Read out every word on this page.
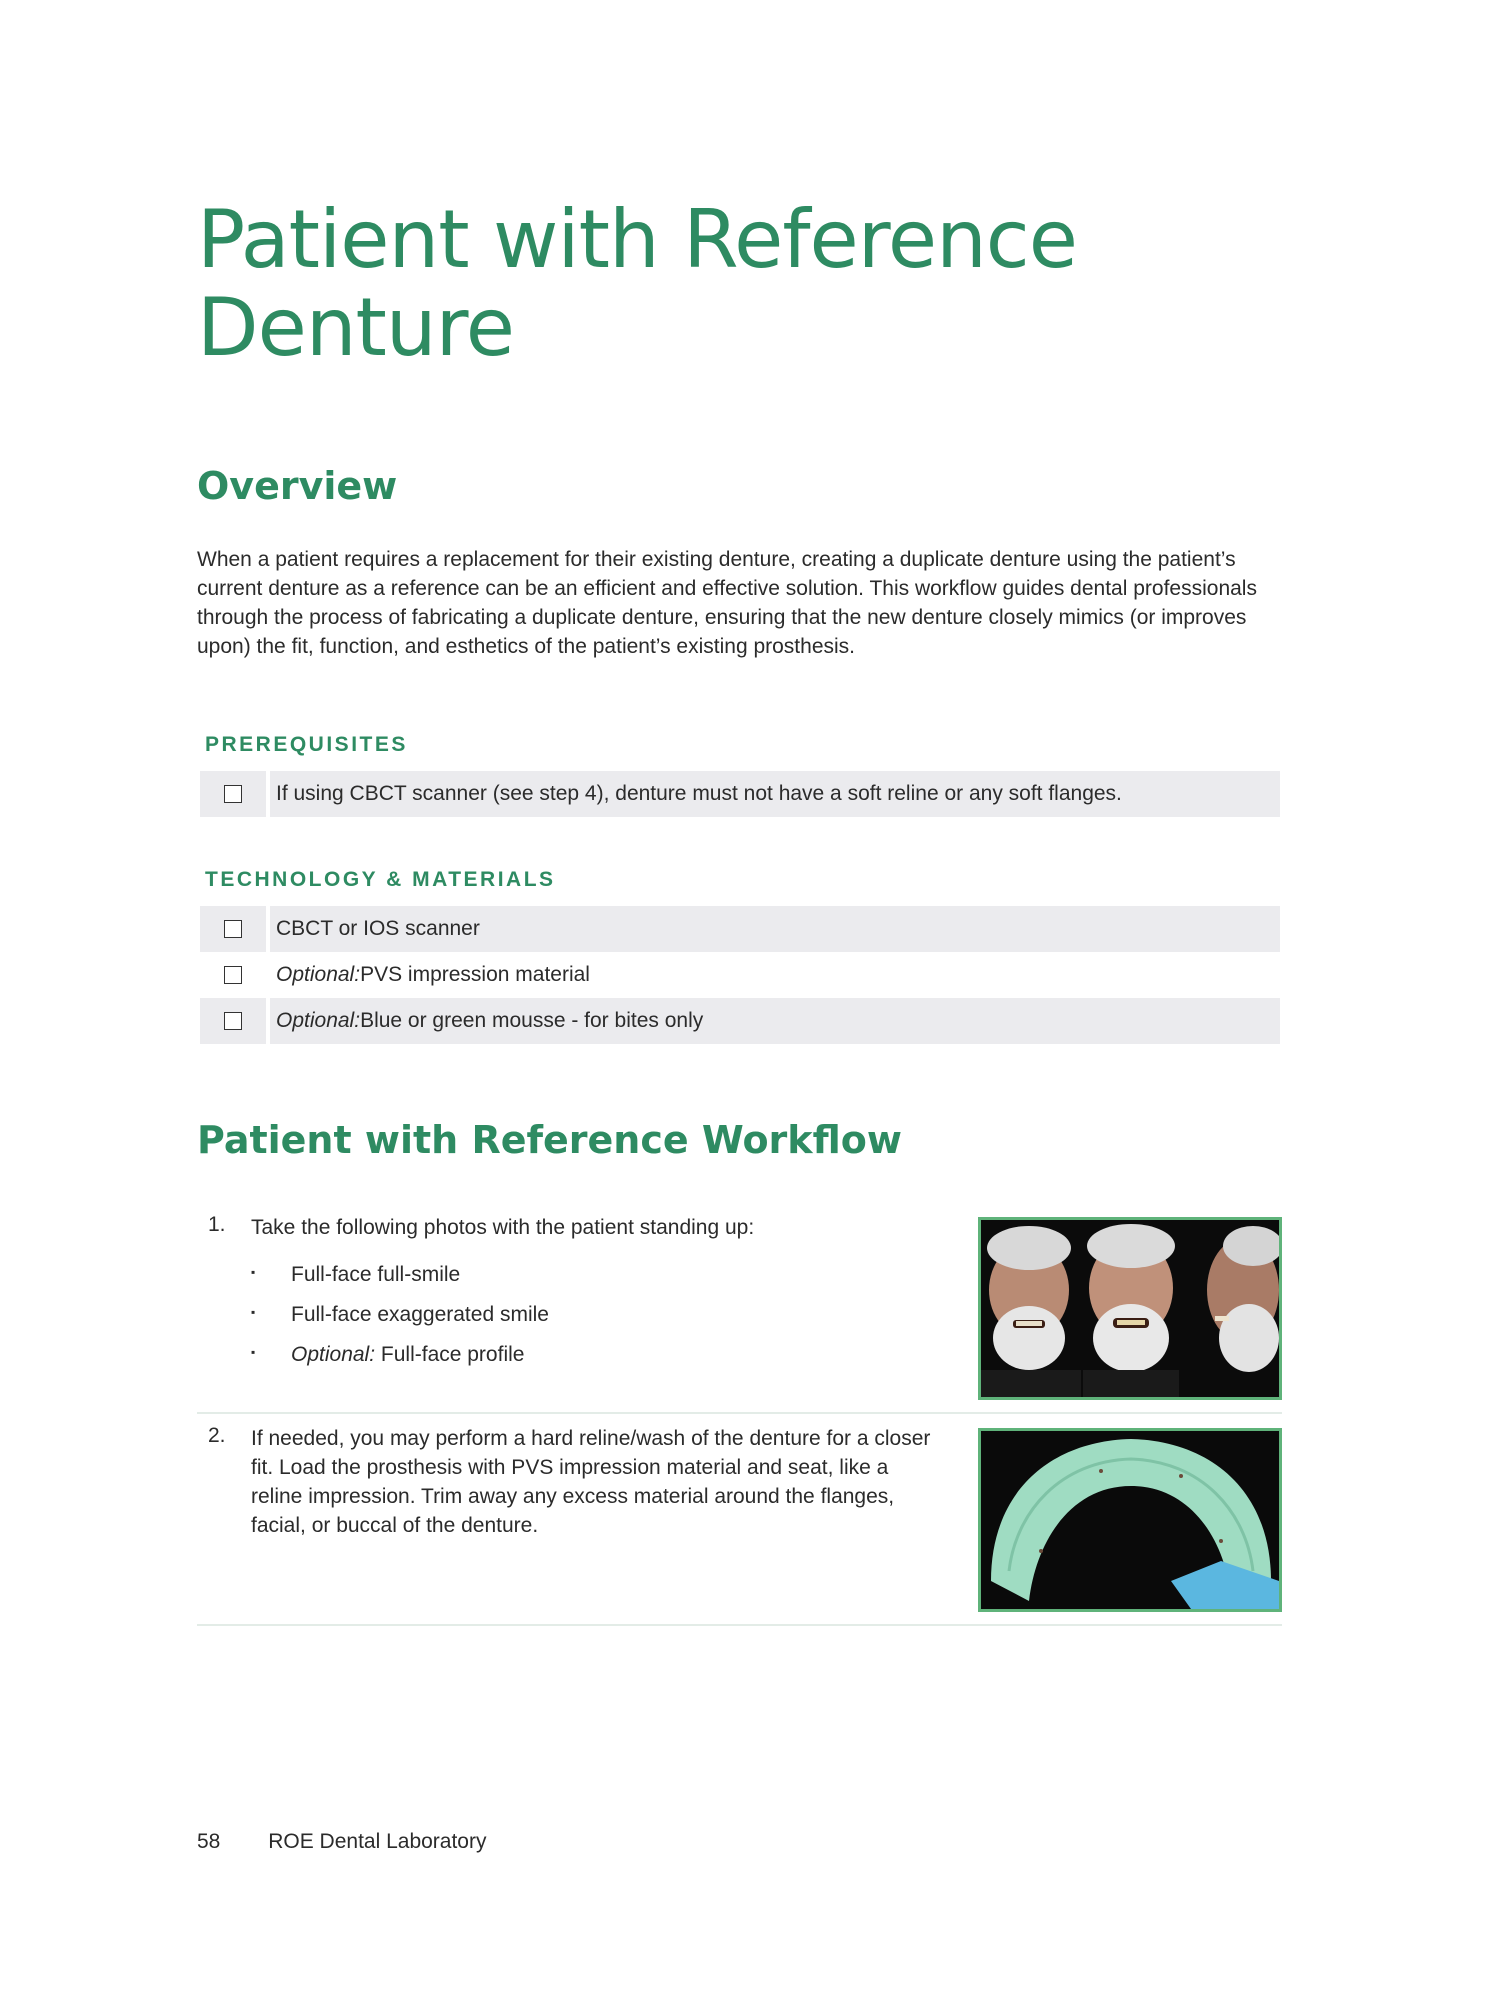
Patient with Reference
Denture
Overview

When a patient requires a replacement for their existing denture, creating a duplicate denture using the patient’s current denture as a reference can be an efficient and effective solution. This workflow guides dental professionals through the process of fabricating a duplicate denture, ensuring that the new denture closely mimics (or improves upon) the fit, function, and esthetics of the patient’s existing prosthesis.

PREREQUISITES
If using CBCT scanner (see step 4), denture must not have a soft reline or any soft flanges.
TECHNOLOGY & MATERIALS
CBCT or IOS scanner
Optional: PVS impression material
Optional: Blue or green mousse - for bites only
Patient with Reference Workflow
1. Take the following photos with the patient standing up:

▪ Full-face full-smile
▪ Full-face exaggerated smile
▪ Optional: Full-face profile
2. If needed, you may perform a hard reline/wash of the denture for a closer fit. Load the prosthesis with PVS impression material and seat, like a reline impression. Trim away any excess material around the flanges, facial, or buccal of the denture.

58 ROE Dental Laboratory
